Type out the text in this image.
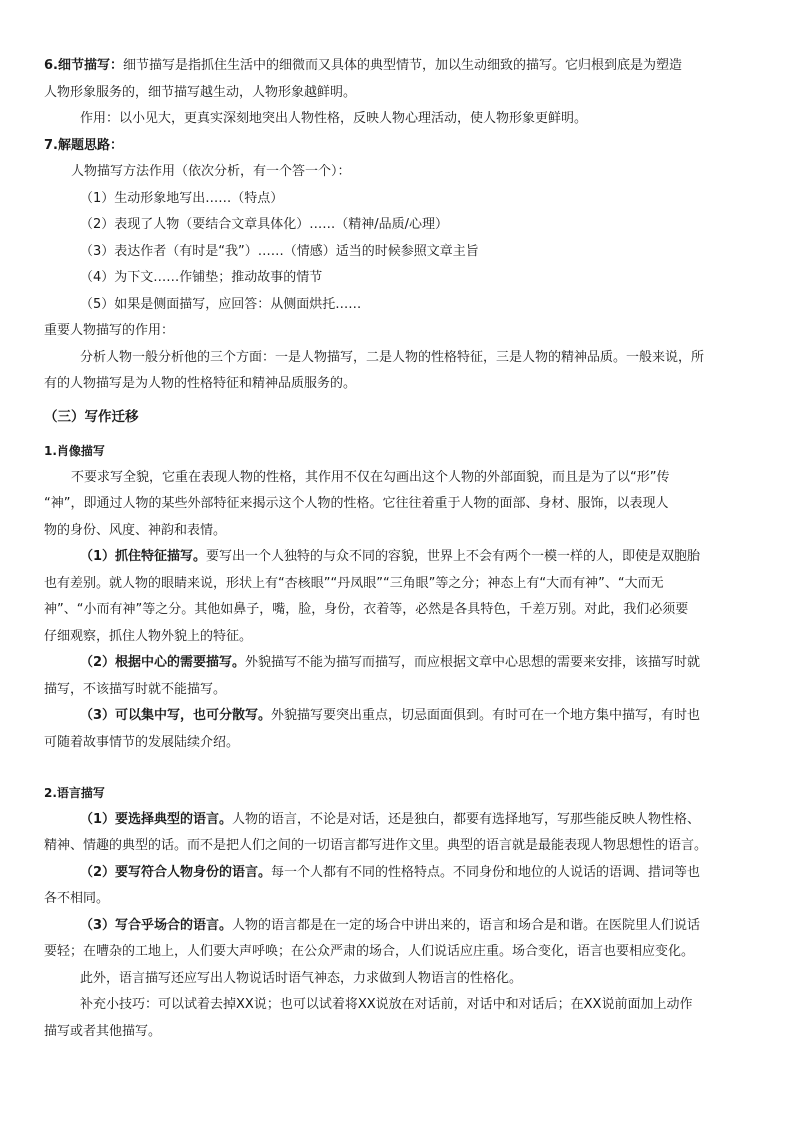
6.细节描写：细节描写是指抓住生活中的细微而又具体的典型情节，加以生动细致的描写。它归根到底是为塑造

人物形象服务的，细节描写越生动，人物形象越鲜明。

作用：以小见大，更真实深刻地突出人物性格，反映人物心理活动，使人物形象更鲜明。

7.解题思路：

人物描写方法作用（依次分析，有一个答一个）：

（1）生动形象地写出……（特点）

（2）表现了人物（要结合文章具体化）……（精神/品质/心理）

（3）表达作者（有时是“我”）……（情感）适当的时候参照文章主旨

（4）为下文……作铺垫；推动故事的情节

（5）如果是侧面描写，应回答：从侧面烘托……

重要人物描写的作用：

分析人物一般分析他的三个方面：一是人物描写，二是人物的性格特征，三是人物的精神品质。一般来说，所

有的人物描写是为人物的性格特征和精神品质服务的。

（三）写作迁移

1.肖像描写

不要求写全貌，它重在表现人物的性格，其作用不仅在勾画出这个人物的外部面貌，而且是为了以“形”传

“神”，即通过人物的某些外部特征来揭示这个人物的性格。它往往着重于人物的面部、身材、服饰，以表现人

物的身份、风度、神韵和表情。

（1）抓住特征描写。要写出一个人独特的与众不同的容貌，世界上不会有两个一模一样的人，即使是双胞胎

也有差别。就人物的眼睛来说，形状上有“杏核眼”“丹凤眼”“三角眼”等之分；神态上有“大而有神”、“大而无

神”、“小而有神”等之分。其他如鼻子，嘴，脸，身份，衣着等，必然是各具特色，千差万别。对此，我们必须要

仔细观察，抓住人物外貌上的特征。

（2）根据中心的需要描写。外貌描写不能为描写而描写，而应根据文章中心思想的需要来安排，该描写时就

描写，不该描写时就不能描写。

（3）可以集中写，也可分散写。外貌描写要突出重点，切忌面面俱到。有时可在一个地方集中描写，有时也

可随着故事情节的发展陆续介绍。

2.语言描写

（1）要选择典型的语言。人物的语言，不论是对话，还是独白，都要有选择地写，写那些能反映人物性格、

精神、情趣的典型的话。而不是把人们之间的一切语言都写进作文里。典型的语言就是最能表现人物思想性的语言。

（2）要写符合人物身份的语言。每一个人都有不同的性格特点。不同身份和地位的人说话的语调、措词等也

各不相同。

（3）写合乎场合的语言。人物的语言都是在一定的场合中讲出来的，语言和场合是和谐。在医院里人们说话

要轻；在嘈杂的工地上，人们要大声呼唤；在公众严肃的场合，人们说话应庄重。场合变化，语言也要相应变化。

此外，语言描写还应写出人物说话时语气神态，力求做到人物语言的性格化。

补充小技巧：可以试着去掉XX说；也可以试着将XX说放在对话前，对话中和对话后；在XX说前面加上动作

描写或者其他描写。
